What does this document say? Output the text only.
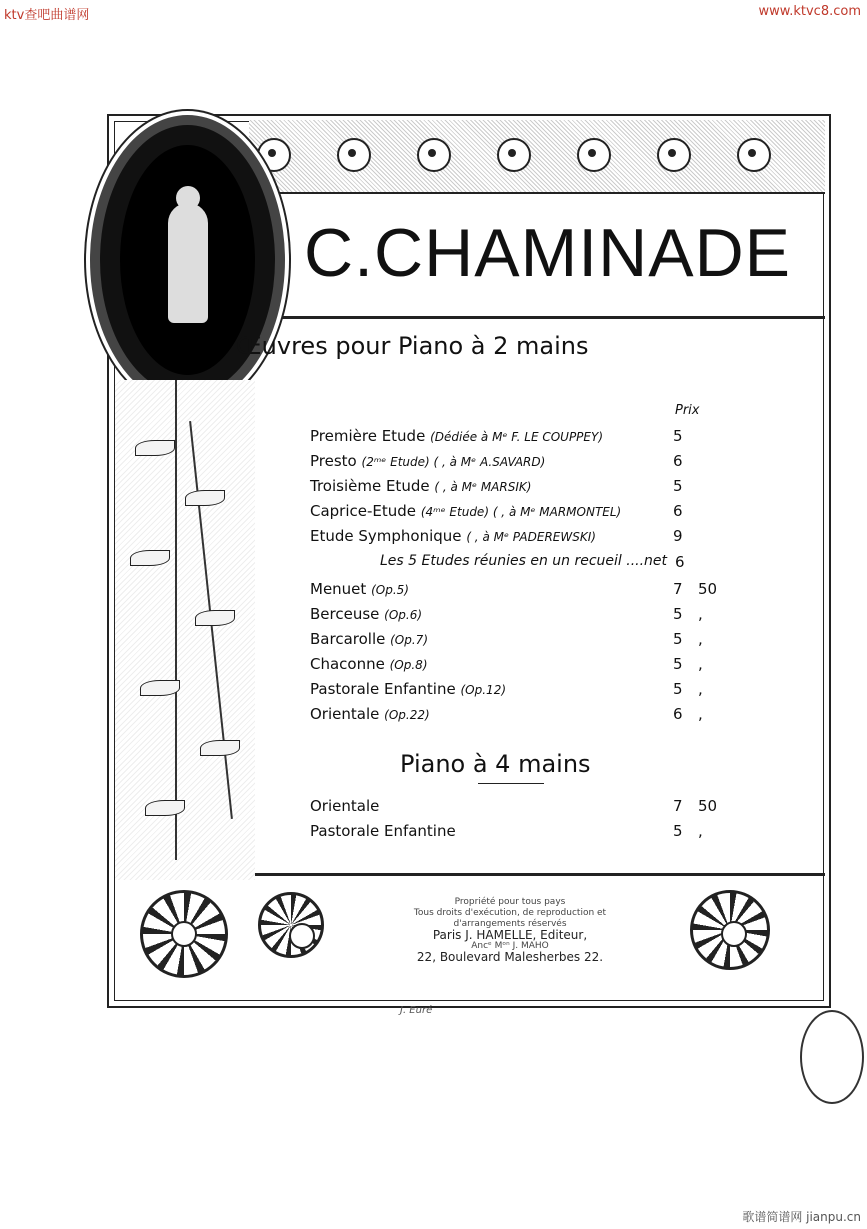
ktv查吧曲谱网	www.ktvc8.com
歌谱简谱网 jianpu.cn
C.CHAMINADE
Œuvres pour Piano à 2 mains
Prix
Première Etude (Dédiée à Mᵉ F. LE COUPPEY)	5
Presto (2ᵐᵉ Etude) ( , à Mᵉ A.SAVARD)	6
Troisième Etude ( , à Mᵉ MARSIK)	5
Caprice-Etude (4ᵐᵉ Etude) ( , à Mᵉ MARMONTEL)	6
Etude Symphonique ( , à Mᵉ PADEREWSKI)	9
Les 5 Etudes réunies en un recueil ....net 6
Menuet (Op.5)	7 50
Berceuse (Op.6)	5 ,
Barcarolle (Op.7)	5 ,
Chaconne (Op.8)	5 ,
Pastorale Enfantine (Op.12)	5 ,
Orientale (Op.22)	6 ,
Piano à 4 mains
Orientale	7 50
Pastorale Enfantine	5 ,
Propriété pour tous pays
Tous droits d'exécution, de reproduction et d'arrangements réservés
Paris J. HAMELLE, Editeur,
Ancᵉ Mᵒⁿ J. MAHO
22, Boulevard Malesherbes 22.
J. Euré
